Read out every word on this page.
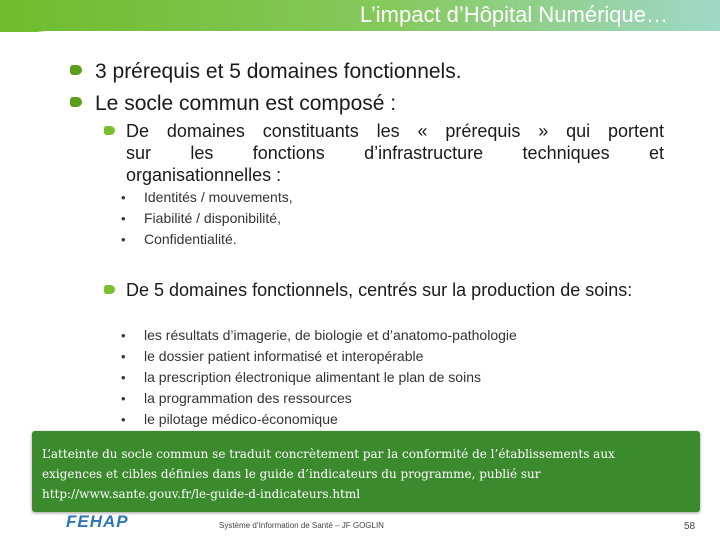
L’impact d’Hôpital Numérique…
3 prérequis et 5 domaines fonctionnels.
Le socle commun est composé :
De domaines constituants les « prérequis » qui portent
sur les fonctions d’infrastructure techniques et
organisationnelles :
• Identités / mouvements,
• Fiabilité / disponibilité,
• Confidentialité.
De 5 domaines fonctionnels, centrés sur la production de soins:
• les résultats d’imagerie, de biologie et d’anatomo-pathologie
• le dossier patient informatisé et interopérable
• la prescription électronique alimentant le plan de soins
• la programmation des ressources
• le pilotage médico-économique
L’atteinte du socle commun se traduit concrètement par la conformité de l’établissements aux
exigences et cibles définies dans le guide d’indicateurs du programme, publié sur
http://www.sante.gouv.fr/le-guide-d-indicateurs.html
FEHAP	Système d’Information de Santé – JF GOGLIN	58
